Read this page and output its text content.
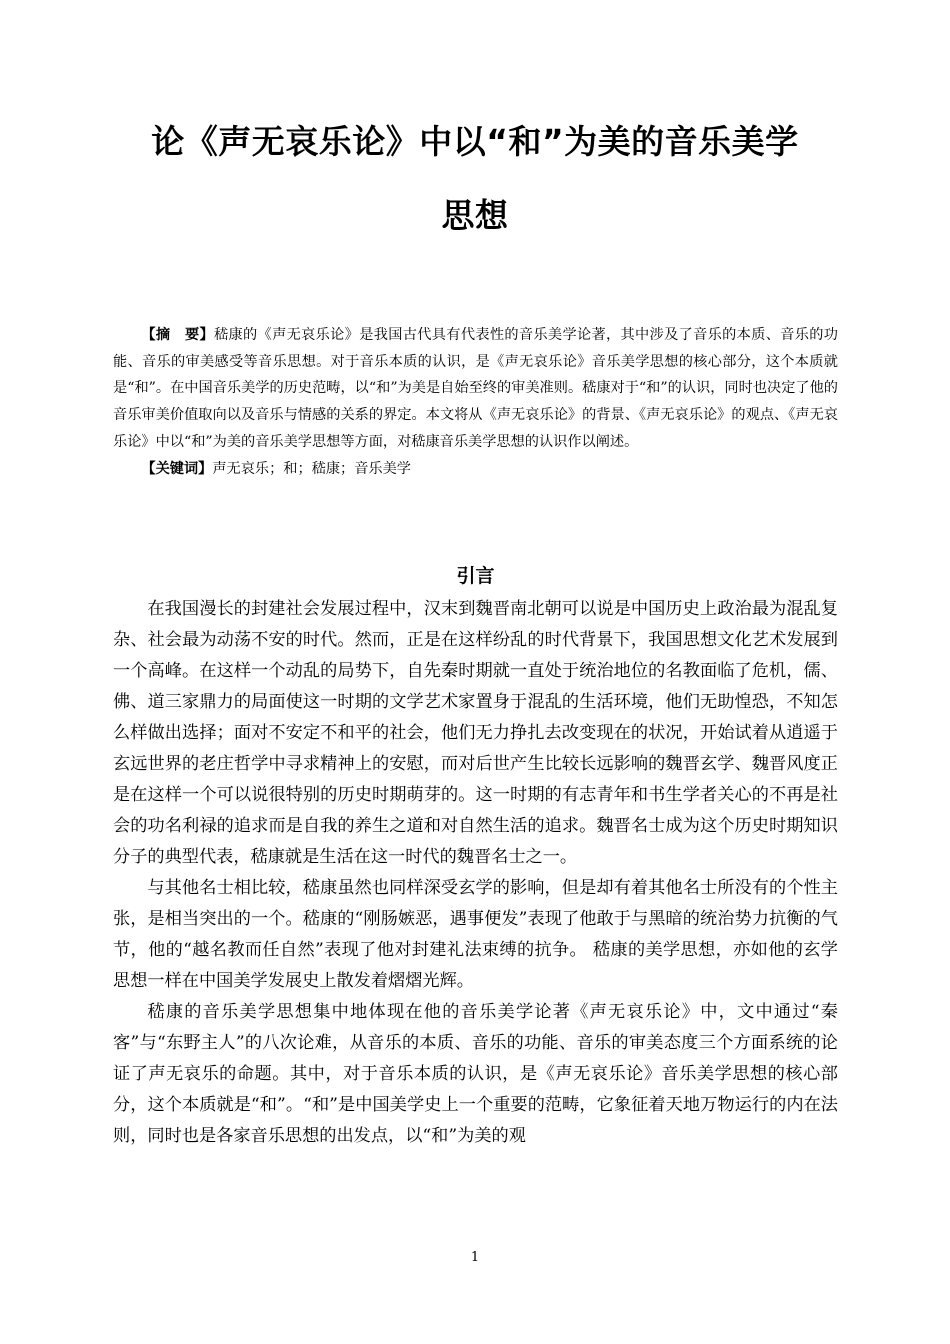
论《声无哀乐论》中以“和”为美的音乐美学
思想

【摘　要】嵇康的《声无哀乐论》是我国古代具有代表性的音乐美学论著，其中涉及了音乐的本质、音乐的功能、音乐的审美感受等音乐思想。对于音乐本质的认识，是《声无哀乐论》音乐美学思想的核心部分，这个本质就是“和”。在中国音乐美学的历史范畴，以“和”为美是自始至终的审美准则。嵇康对于“和”的认识，同时也决定了他的音乐审美价值取向以及音乐与情感的关系的界定。本文将从《声无哀乐论》的背景、《声无哀乐论》的观点、《声无哀乐论》中以“和”为美的音乐美学思想等方面，对嵇康音乐美学思想的认识作以阐述。

【关键词】声无哀乐；和；嵇康；音乐美学

引言

在我国漫长的封建社会发展过程中，汉末到魏晋南北朝可以说是中国历史上政治最为混乱复杂、社会最为动荡不安的时代。然而，正是在这样纷乱的时代背景下，我国思想文化艺术发展到一个高峰。在这样一个动乱的局势下，自先秦时期就一直处于统治地位的名教面临了危机，儒、佛、道三家鼎力的局面使这一时期的文学艺术家置身于混乱的生活环境，他们无助惶恐，不知怎么样做出选择；面对不安定不和平的社会，他们无力挣扎去改变现在的状况，开始试着从逍遥于玄远世界的老庄哲学中寻求精神上的安慰，而对后世产生比较长远影响的魏晋玄学、魏晋风度正是在这样一个可以说很特别的历史时期萌芽的。这一时期的有志青年和书生学者关心的不再是社会的功名利禄的追求而是自我的养生之道和对自然生活的追求。魏晋名士成为这个历史时期知识分子的典型代表，嵇康就是生活在这一时代的魏晋名士之一。

与其他名士相比较，嵇康虽然也同样深受玄学的影响，但是却有着其他名士所没有的个性主张，是相当突出的一个。嵇康的“刚肠嫉恶，遇事便发”表现了他敢于与黑暗的统治势力抗衡的气节，他的“越名教而任自然”表现了他对封建礼法束缚的抗争。 嵇康的美学思想，亦如他的玄学思想一样在中国美学发展史上散发着熠熠光辉。

嵇康的音乐美学思想集中地体现在他的音乐美学论著《声无哀乐论》中，文中通过“秦客”与“东野主人”的八次论难，从音乐的本质、音乐的功能、音乐的审美态度三个方面系统的论证了声无哀乐的命题。其中，对于音乐本质的认识，是《声无哀乐论》音乐美学思想的核心部分，这个本质就是“和”。“和”是中国美学史上一个重要的范畴，它象征着天地万物运行的内在法则，同时也是各家音乐思想的出发点，以“和”为美的观

1
